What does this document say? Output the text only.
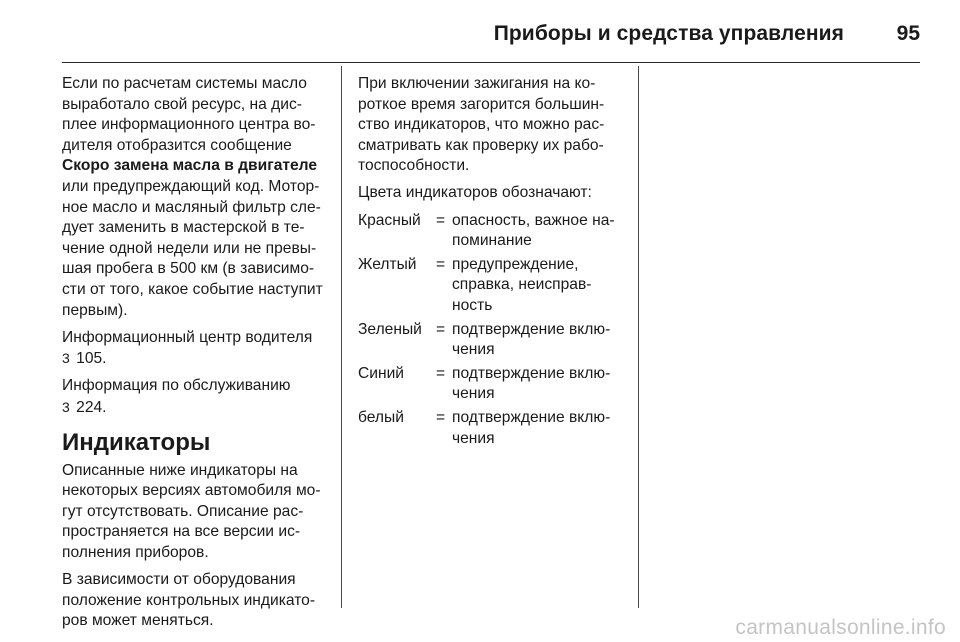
Приборы и средства управления	95

Если по расчетам системы масло
выработало свой ресурс, на дис-
плее информационного центра во-
дителя отобразится сообщение
Скоро замена масла в двигателе
или предупреждающий код. Мотор-
ное масло и масляный фильтр сле-
дует заменить в мастерской в те-
чение одной недели или не превы-
шая пробега в 500 км (в зависимо-
сти от того, какое событие наступит
первым).

Информационный центр водителя
3 105.

Информация по обслуживанию
3 224.

Индикаторы

Описанные ниже индикаторы на
некоторых версиях автомобиля мо-
гут отсутствовать. Описание рас-
пространяется на все версии ис-
полнения приборов.

В зависимости от оборудования
положение контрольных индикато-
ров может меняться.

При включении зажигания на ко-
роткое время загорится большин-
ство индикаторов, что можно рас-
сматривать как проверку их рабо-
тоспособности.

Цвета индикаторов обозначают:

Красный	=	опасность, важное на-
поминание
Желтый	=	предупреждение,
справка, неисправ-
ность
Зеленый	=	подтверждение вклю-
чения
Синий	=	подтверждение вклю-
чения
белый	=	подтверждение вклю-
чения
carmanualsonline.info
